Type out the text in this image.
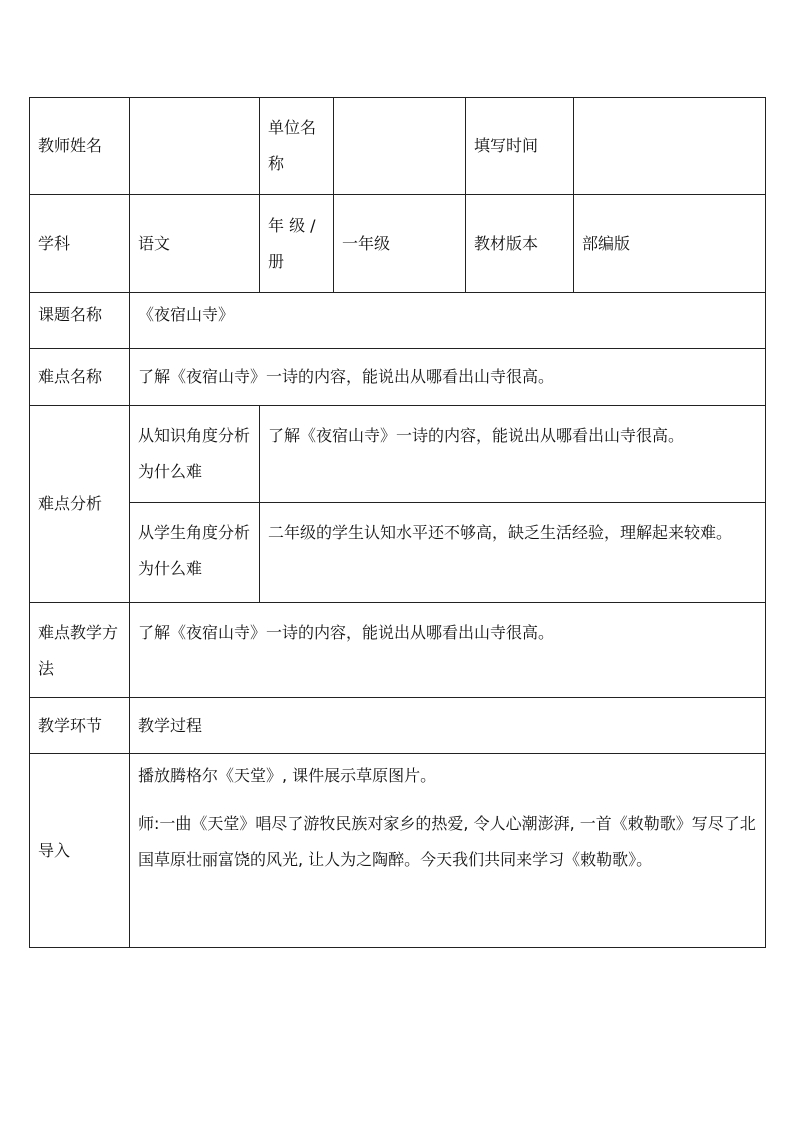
教师姓名		单位名称		填写时间	
学科	语文	年 级 / 册	一年级	教材版本	部编版
课题名称	《夜宿山寺》				
难点名称	了解《夜宿山寺》一诗的内容，能说出从哪看出山寺很高。				
难点分析	从知识角度分析为什么难	了解《夜宿山寺》一诗的内容，能说出从哪看出山寺很高。			
	从学生角度分析为什么难	二年级的学生认知水平还不够高，缺乏生活经验，理解起来较难。			
难点教学方法	了解《夜宿山寺》一诗的内容，能说出从哪看出山寺很高。				
教学环节	教学过程				
导入	播放腾格尔《天堂》, 课件展示草原图片。

师:一曲《天堂》唱尽了游牧民族对家乡的热爱, 令人心潮澎湃, 一首《敕勒歌》写尽了北国草原壮丽富饶的风光, 让人为之陶醉。今天我们共同来学习《敕勒歌》。				
